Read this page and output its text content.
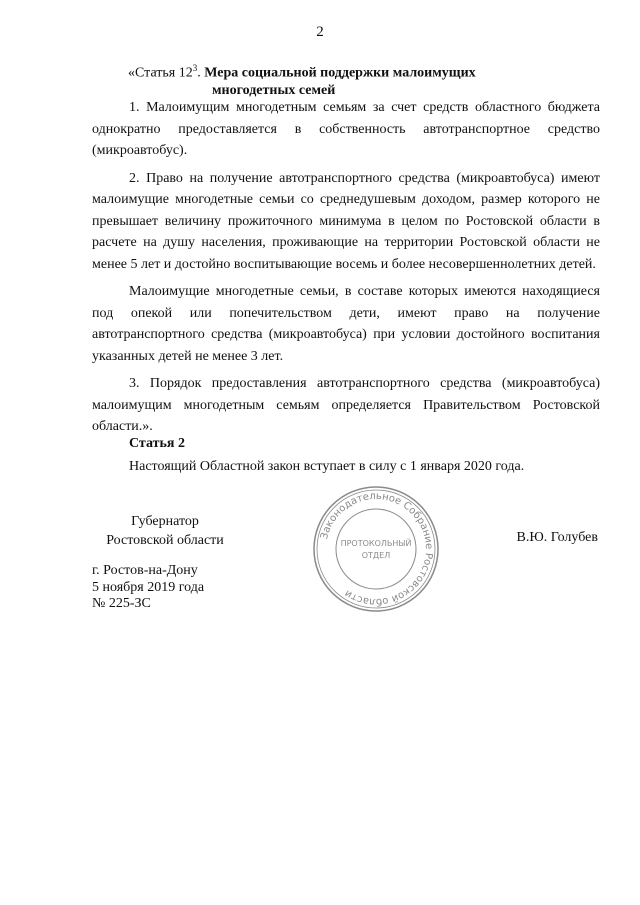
2
«Статья $12^3$. Мера социальной поддержки малоимущих
многодетных семей

1. Малоимущим многодетным семьям за счет средств областного бюджета однократно предоставляется в собственность автотранспортное средство (микроавтобус).

2. Право на получение автотранспортного средства (микроавтобуса) имеют малоимущие многодетные семьи со среднедушевым доходом, размер которого не превышает величину прожиточного минимума в целом по Ростовской области в расчете на душу населения, проживающие на территории Ростовской области не менее 5 лет и достойно воспитывающие восемь и более несовершеннолетних детей.

Малоимущие многодетные семьи, в составе которых имеются находящиеся под опекой или попечительством дети, имеют право на получение автотранспортного средства (микроавтобуса) при условии достойного воспитания указанных детей не менее 3 лет.

3. Порядок предоставления автотранспортного средства (микроавтобуса) малоимущим многодетным семьям определяется Правительством Ростовской области.».

Статья 2
Настоящий Областной закон вступает в силу с 1 января 2020 года.
Губернатор
Ростовской области	В.Ю. Голубев
г. Ростов-на-Дону
5 ноября 2019 года
№ 225-ЗС
Законодательное Собрание Ростовской области
ПРОТОКОЛЬНЫЙ
ОТДЕЛ
